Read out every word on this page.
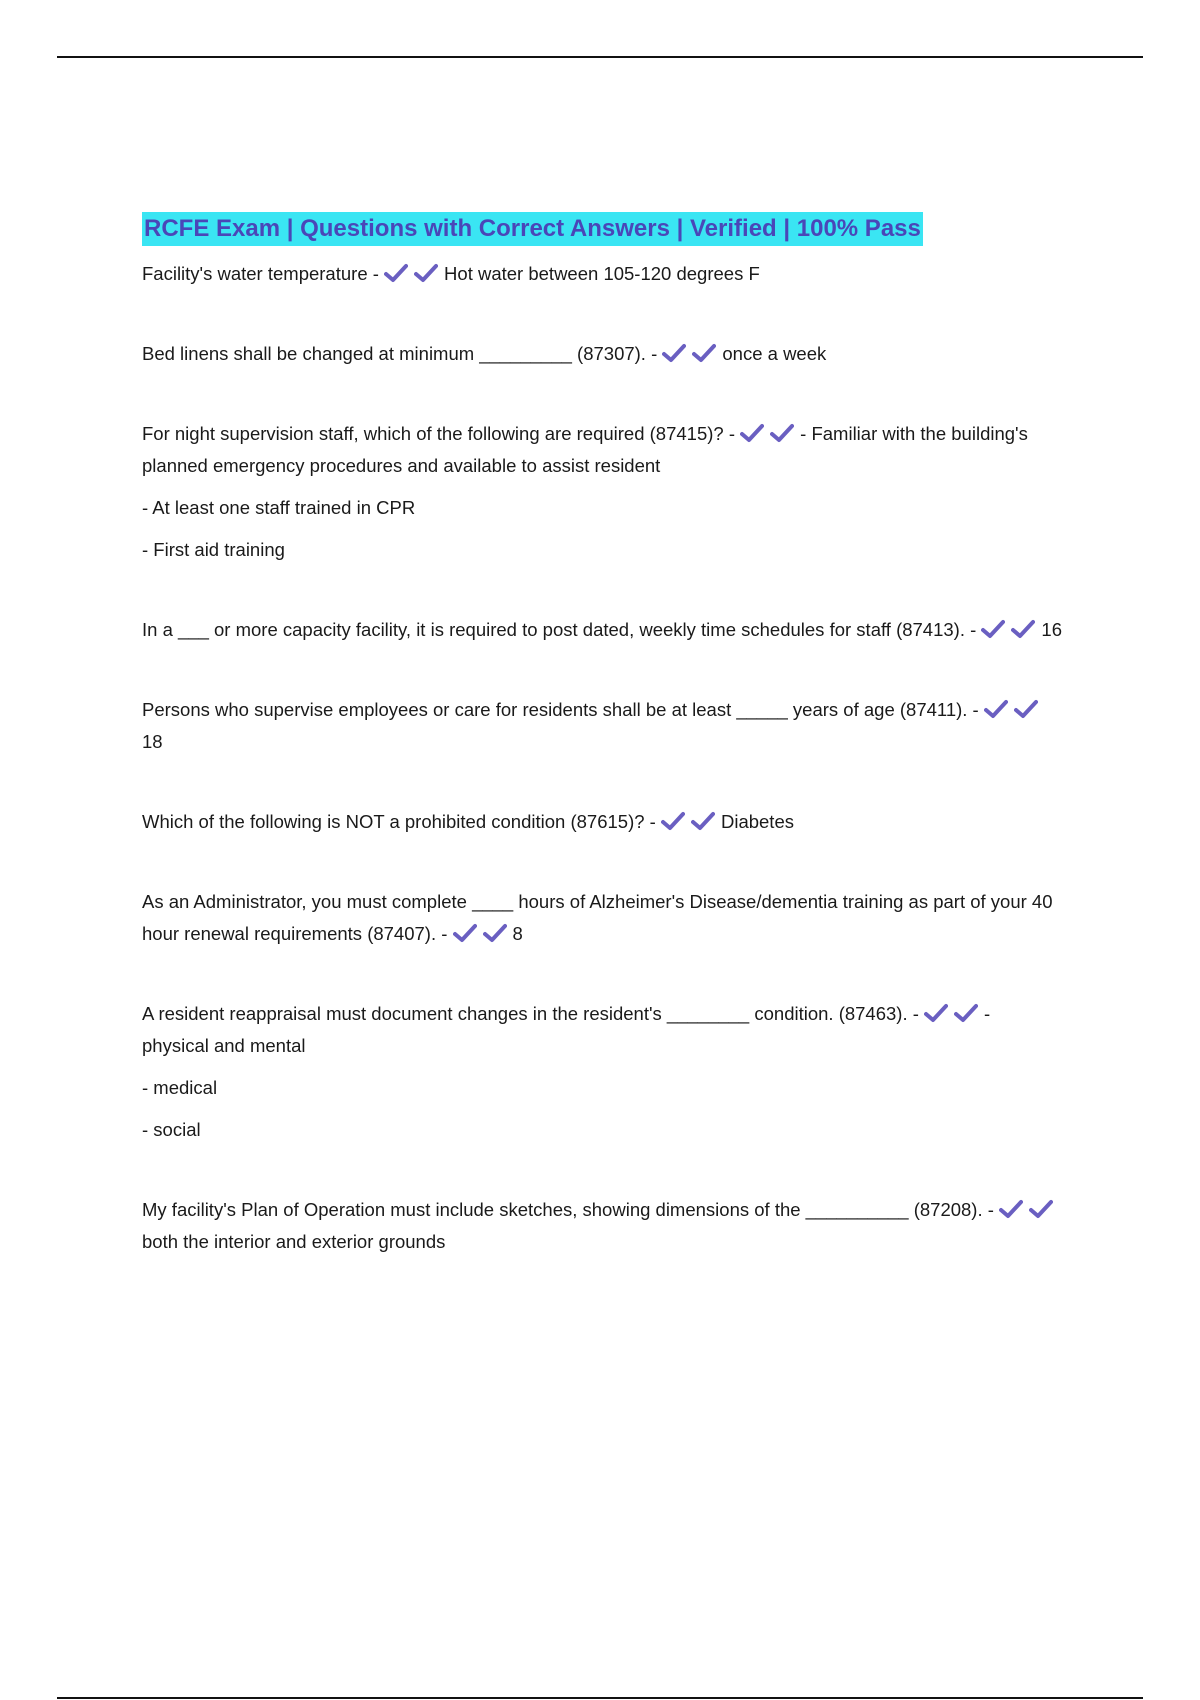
RCFE Exam | Questions with Correct Answers | Verified | 100% Pass

Facility's water temperature -	Hot water between 105-120 degrees F

Bed linens shall be changed at minimum _________ (87307). -	once a week

For night supervision staff, which of the following are required (87415)? -	- Familiar with the building's planned emergency procedures and available to assist resident

- At least one staff trained in CPR

- First aid training

In a ___ or more capacity facility, it is required to post dated, weekly time schedules for staff (87413). -	16

Persons who supervise employees or care for residents shall be at least _____ years of age (87411). -
18

Which of the following is NOT a prohibited condition (87615)? -	Diabetes

As an Administrator, you must complete ____ hours of Alzheimer's Disease/dementia training as part of your 40 hour renewal requirements (87407). -	8

A resident reappraisal must document changes in the resident's ________ condition. (87463). -	- physical and mental

- medical

- social

My facility's Plan of Operation must include sketches, showing dimensions of the __________ (87208). -
both the interior and exterior grounds
